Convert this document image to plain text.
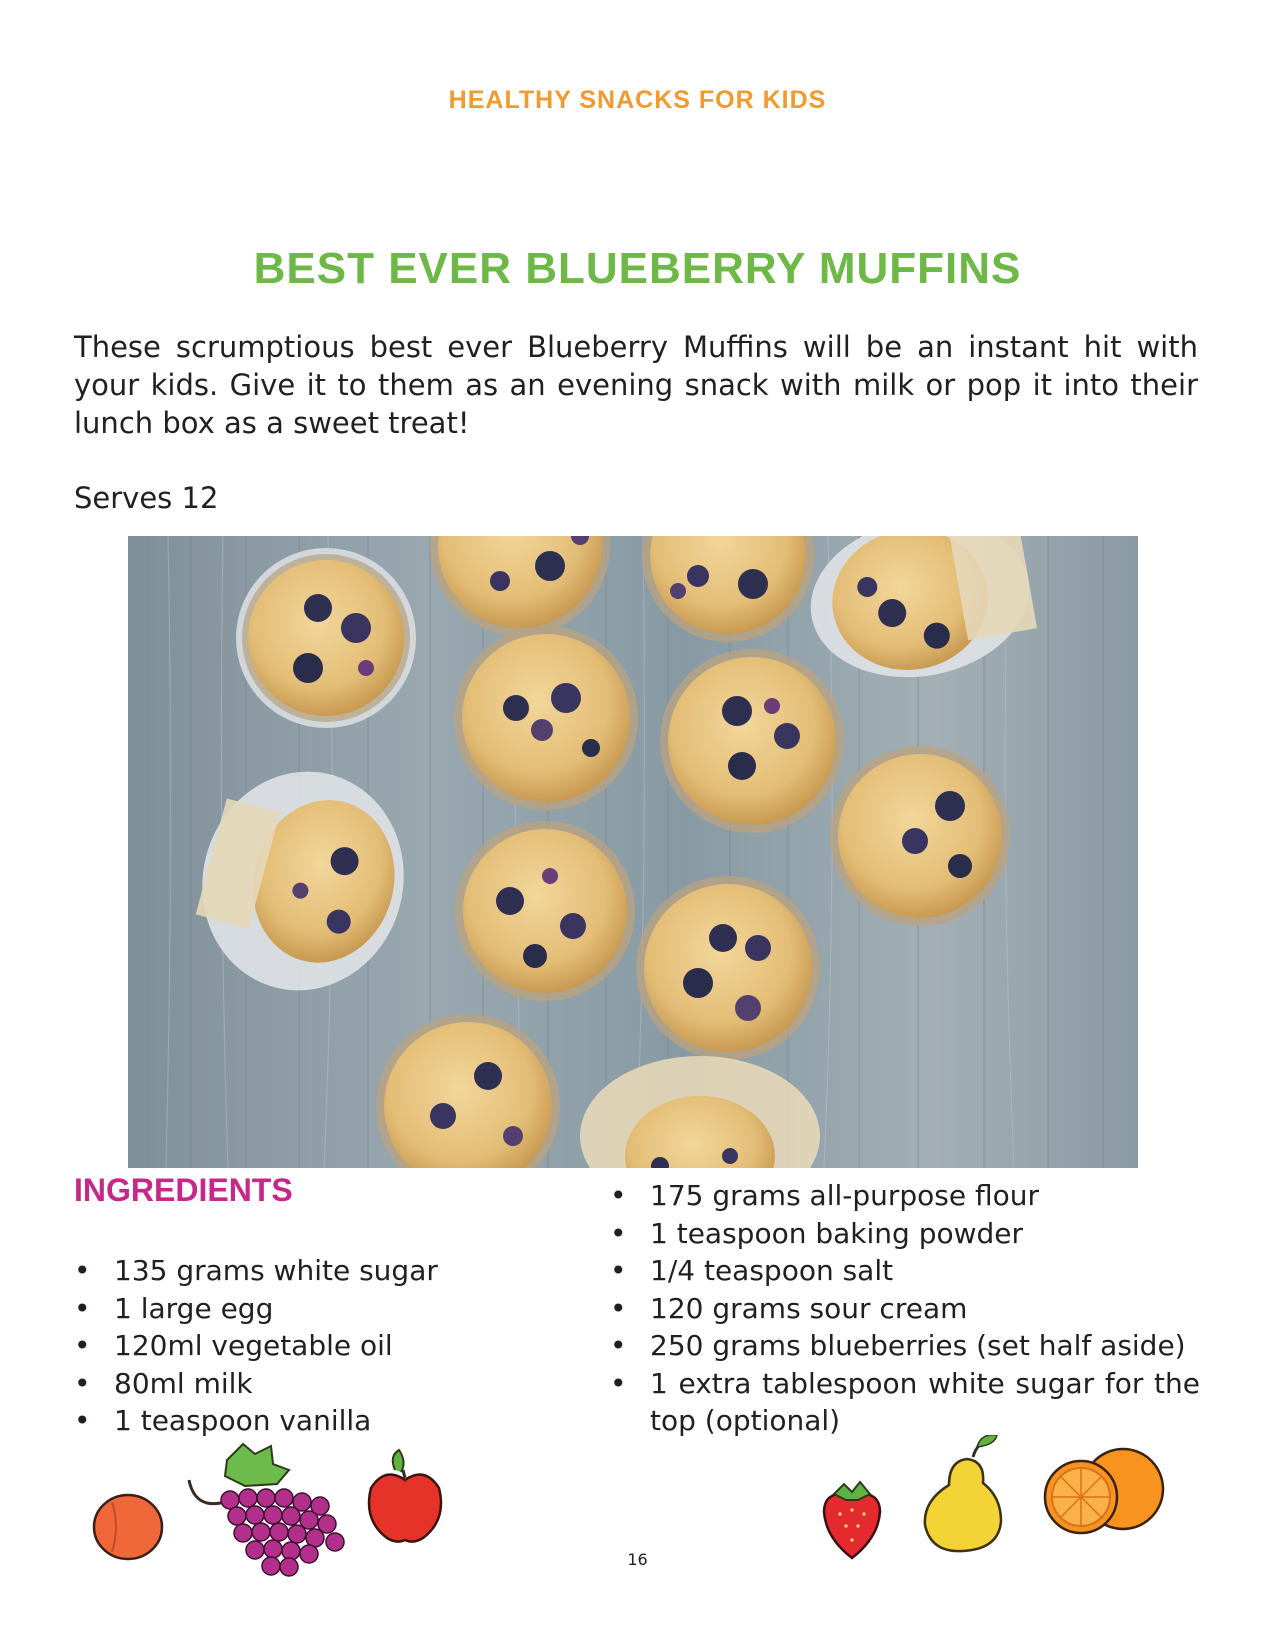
HEALTHY SNACKS FOR KIDS
BEST EVER BLUEBERRY MUFFINS
These scrumptious best ever Blueberry Muffins will be an instant hit with your kids. Give it to them as an evening snack with milk or pop it into their lunch box as a sweet treat!
Serves 12
INGREDIENTS
• 135 grams white sugar
• 1 large egg
• 120ml vegetable oil
• 80ml milk
• 1 teaspoon vanilla
• 175 grams all-purpose flour
• 1 teaspoon baking powder
• 1/4 teaspoon salt
• 120 grams sour cream
• 250 grams blueberries (set half aside)
• 1 extra tablespoon white sugar for the top (optional)
16
